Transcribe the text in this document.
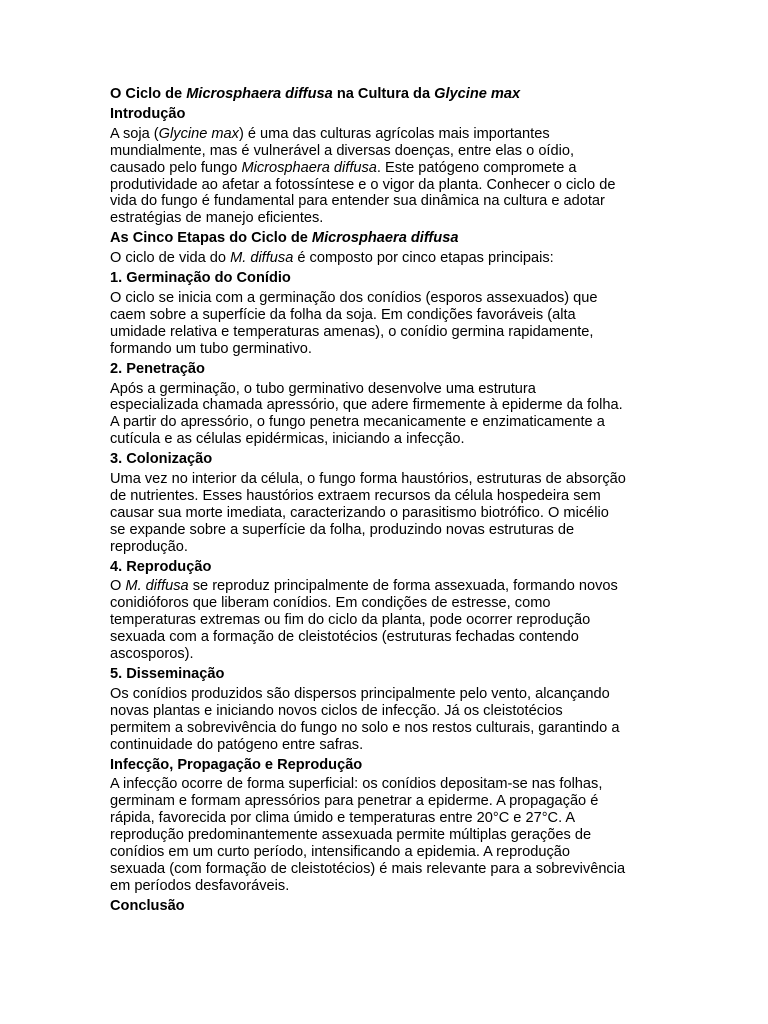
O Ciclo de Microsphaera diffusa na Cultura da Glycine max
Introdução
A soja (Glycine max) é uma das culturas agrícolas mais importantes
mundialmente, mas é vulnerável a diversas doenças, entre elas o oídio,
causado pelo fungo Microsphaera diffusa. Este patógeno compromete a
produtividade ao afetar a fotossíntese e o vigor da planta. Conhecer o ciclo de
vida do fungo é fundamental para entender sua dinâmica na cultura e adotar
estratégias de manejo eficientes.
As Cinco Etapas do Ciclo de Microsphaera diffusa
O ciclo de vida do M. diffusa é composto por cinco etapas principais:
1. Germinação do Conídio
O ciclo se inicia com a germinação dos conídios (esporos assexuados) que
caem sobre a superfície da folha da soja. Em condições favoráveis (alta
umidade relativa e temperaturas amenas), o conídio germina rapidamente,
formando um tubo germinativo.
2. Penetração
Após a germinação, o tubo germinativo desenvolve uma estrutura
especializada chamada apressório, que adere firmemente à epiderme da folha.
A partir do apressório, o fungo penetra mecanicamente e enzimaticamente a
cutícula e as células epidérmicas, iniciando a infecção.
3. Colonização
Uma vez no interior da célula, o fungo forma haustórios, estruturas de absorção
de nutrientes. Esses haustórios extraem recursos da célula hospedeira sem
causar sua morte imediata, caracterizando o parasitismo biotrófico. O micélio
se expande sobre a superfície da folha, produzindo novas estruturas de
reprodução.
4. Reprodução
O M. diffusa se reproduz principalmente de forma assexuada, formando novos
conidióforos que liberam conídios. Em condições de estresse, como
temperaturas extremas ou fim do ciclo da planta, pode ocorrer reprodução
sexuada com a formação de cleistotécios (estruturas fechadas contendo
ascosporos).
5. Disseminação
Os conídios produzidos são dispersos principalmente pelo vento, alcançando
novas plantas e iniciando novos ciclos de infecção. Já os cleistotécios
permitem a sobrevivência do fungo no solo e nos restos culturais, garantindo a
continuidade do patógeno entre safras.
Infecção, Propagação e Reprodução
A infecção ocorre de forma superficial: os conídios depositam-se nas folhas,
germinam e formam apressórios para penetrar a epiderme. A propagação é
rápida, favorecida por clima úmido e temperaturas entre 20°C e 27°C. A
reprodução predominantemente assexuada permite múltiplas gerações de
conídios em um curto período, intensificando a epidemia. A reprodução
sexuada (com formação de cleistotécios) é mais relevante para a sobrevivência
em períodos desfavoráveis.
Conclusão
